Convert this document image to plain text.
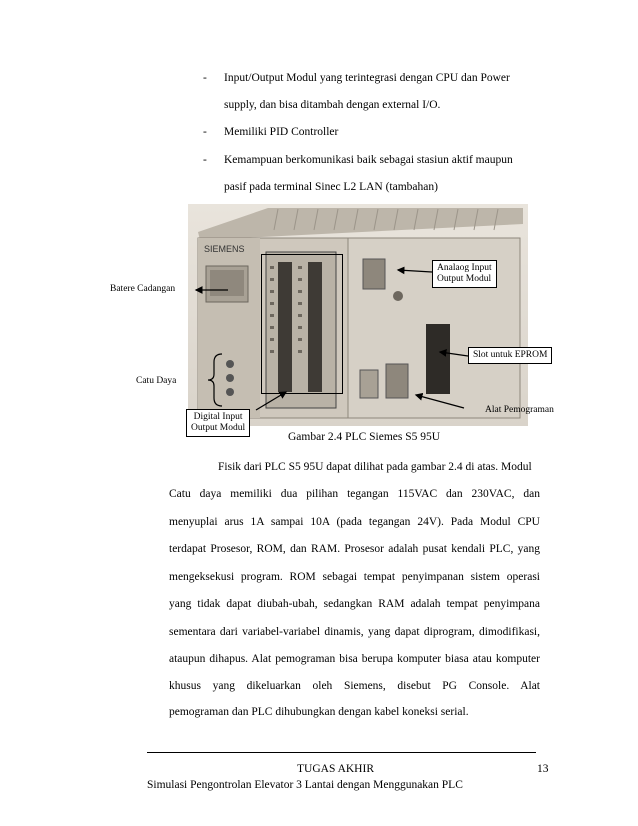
- Input/Output Modul yang terintegrasi dengan CPU dan Power
supply, dan bisa ditambah dengan external I/O.
- Memiliki PID Controller
- Kemampuan berkomunikasi baik sebagai stasiun aktif maupun
pasif pada terminal Sinec L2 LAN (tambahan)
SIEMENS
Batere Cadangan
Analaog Input
Output Modul
Slot untuk EPROM
Catu Daya
Alat Pemograman
Digital Input
Output Modul
Gambar 2.4 PLC Siemes S5 95U
Fisik dari PLC S5 95U dapat dilihat pada gambar 2.4 di atas. Modul
Catu daya memiliki dua pilihan tegangan 115VAC dan 230VAC, dan
menyuplai arus 1A sampai 10A (pada tegangan 24V). Pada Modul CPU
terdapat Prosesor, ROM, dan RAM. Prosesor adalah pusat kendali PLC, yang
mengeksekusi program. ROM sebagai tempat penyimpanan sistem operasi
yang tidak dapat diubah-ubah, sedangkan RAM adalah tempat penyimpana
sementara dari variabel-variabel dinamis, yang dapat diprogram, dimodifikasi,
ataupun dihapus. Alat pemograman bisa berupa komputer biasa atau komputer
khusus yang dikeluarkan oleh Siemens, disebut PG Console. Alat
pemograman dan PLC dihubungkan dengan kabel koneksi serial.
TUGAS AKHIR	13
Simulasi Pengontrolan Elevator 3 Lantai dengan Menggunakan PLC
